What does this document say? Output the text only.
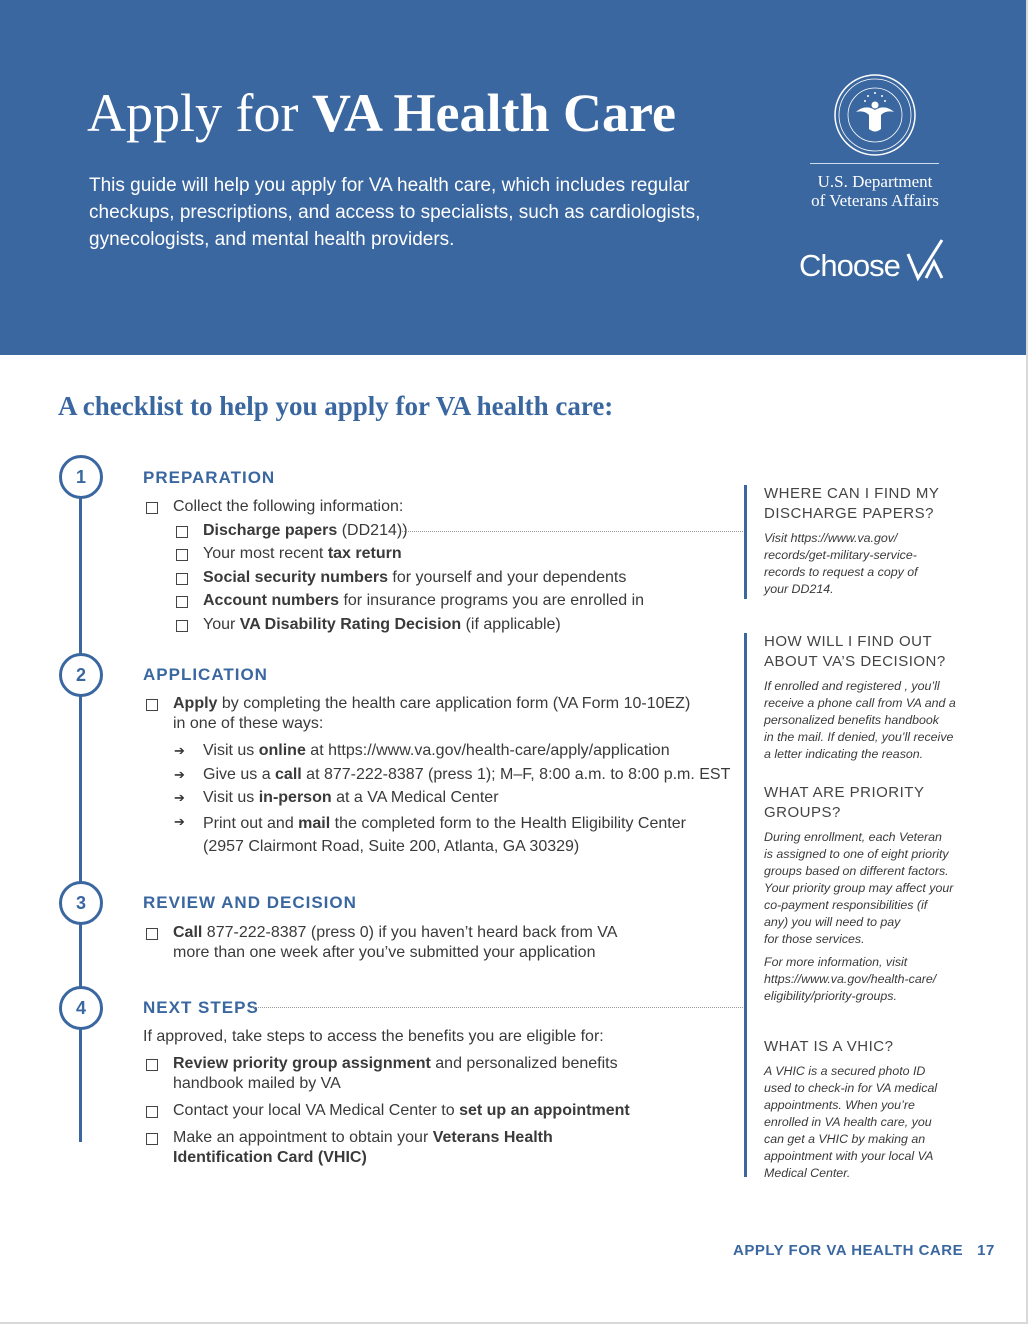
Apply for VA Health Care
This guide will help you apply for VA health care, which includes regular checkups, prescriptions, and access to specialists, such as cardiologists, gynecologists, and mental health providers.
U.S. Department
of Veterans Affairs
Choose
A checklist to help you apply for VA health care:
1	PREPARATION
Collect the following information:
Discharge papers (DD214))
Your most recent tax return
Social security numbers for yourself and your dependents
Account numbers for insurance programs you are enrolled in
Your VA Disability Rating Decision (if applicable)
2	APPLICATION
Apply by completing the health care application form (VA Form 10-10EZ)
in one of these ways:
➔ Visit us online at https://www.va.gov/health-care/apply/application
➔ Give us a call at 877-222-8387 (press 1); M–F, 8:00 a.m. to 8:00 p.m. EST
➔ Visit us in-person at a VA Medical Center
➔ Print out and mail the completed form to the Health Eligibility Center
(2957 Clairmont Road, Suite 200, Atlanta, GA 30329)
3	REVIEW AND DECISION
Call 877-222-8387 (press 0) if you haven’t heard back from VA
more than one week after you’ve submitted your application
4	NEXT STEPS
If approved, take steps to access the benefits you are eligible for:
Review priority group assignment and personalized benefits
handbook mailed by VA
Contact your local VA Medical Center to set up an appointment
Make an appointment to obtain your Veterans Health
Identification Card (VHIC)
WHERE CAN I FIND MY
DISCHARGE PAPERS?
Visit https://www.va.gov/
records/get-military-service-
records to request a copy of
your DD214.
HOW WILL I FIND OUT
ABOUT VA’S DECISION?
If enrolled and registered , you’ll
receive a phone call from VA and a
personalized benefits handbook
in the mail. If denied, you’ll receive
a letter indicating the reason.
WHAT ARE PRIORITY
GROUPS?
During enrollment, each Veteran
is assigned to one of eight priority
groups based on different factors.
Your priority group may affect your
co-payment responsibilities (if
any) you will need to pay
for those services.
For more information, visit
https://www.va.gov/health-care/
eligibility/priority-groups.
WHAT IS A VHIC?
A VHIC is a secured photo ID
used to check-in for VA medical
appointments. When you’re
enrolled in VA health care, you
can get a VHIC by making an
appointment with your local VA
Medical Center.
APPLY FOR VA HEALTH CARE 17
